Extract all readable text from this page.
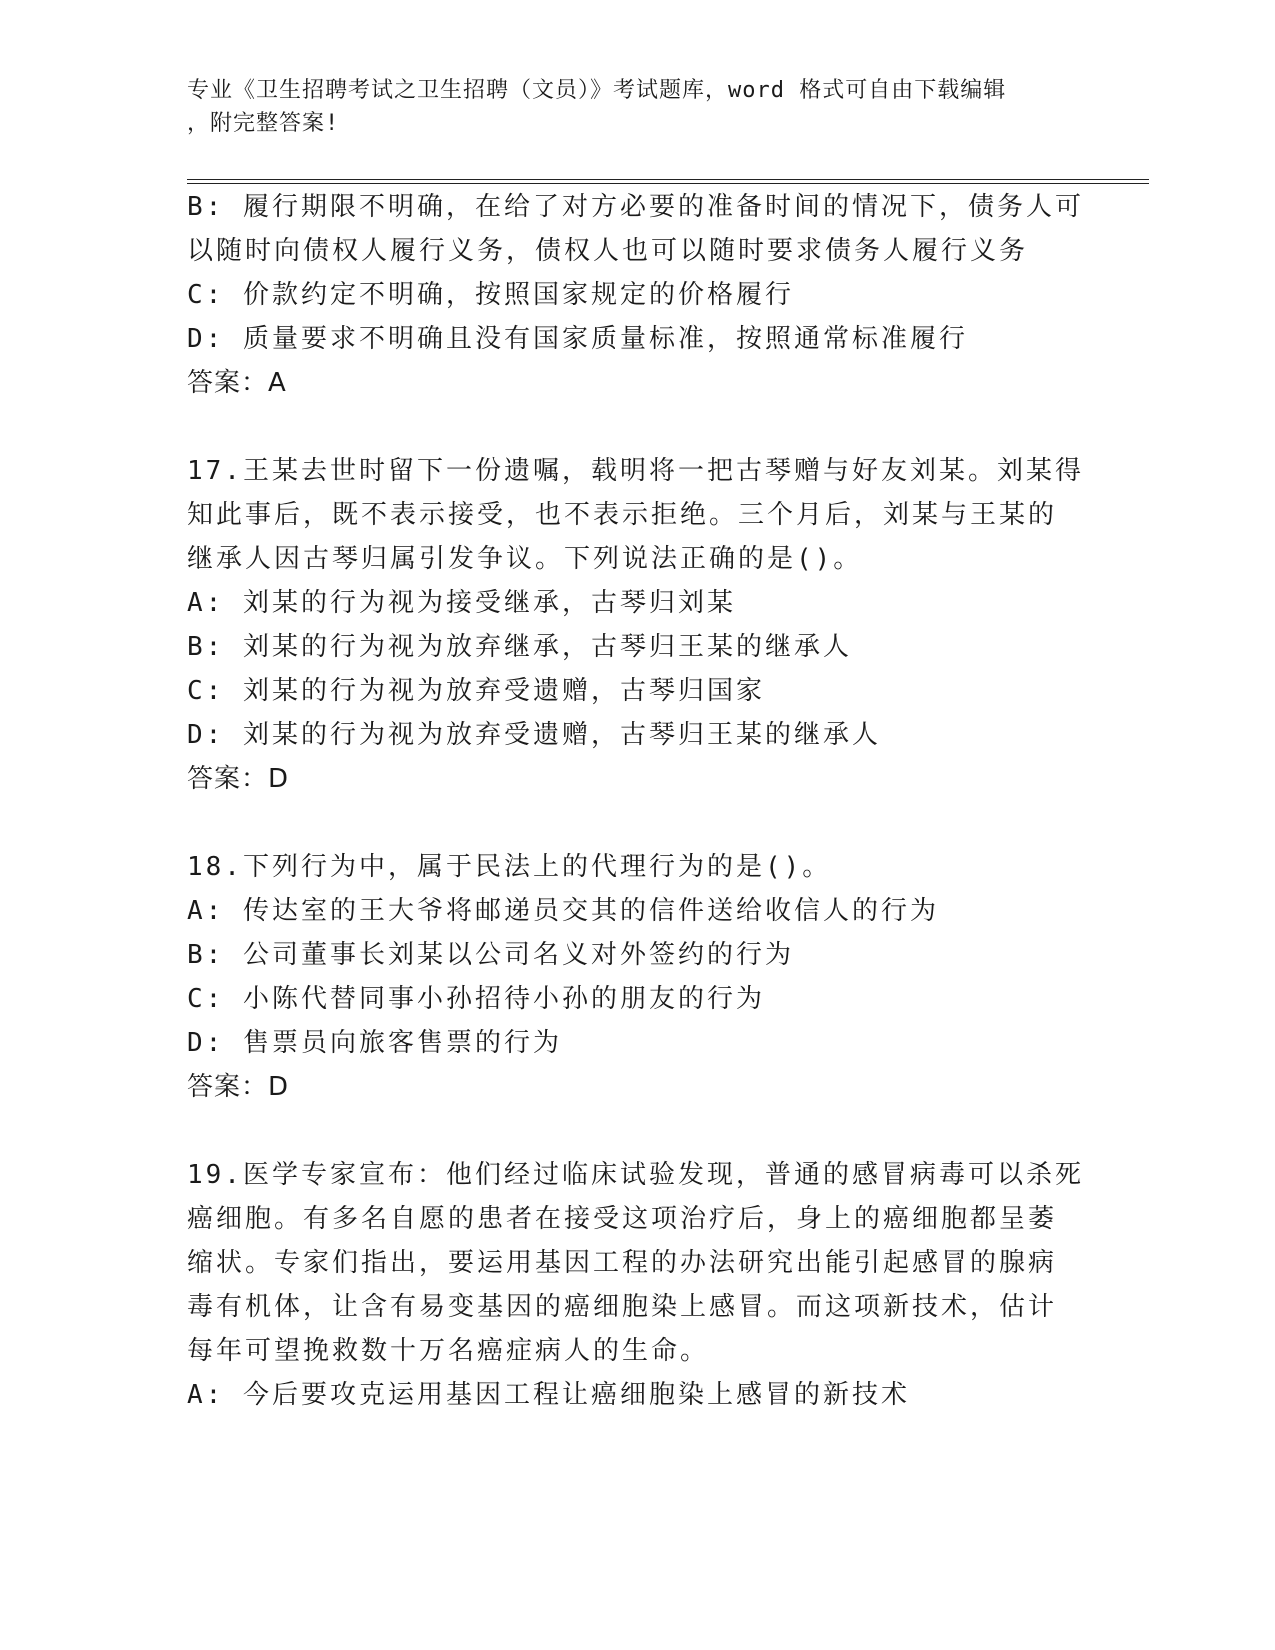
专业《卫生招聘考试之卫生招聘（文员）》考试题库，word 格式可自由下载编辑
，附完整答案!
B: 履行期限不明确，在给了对方必要的准备时间的情况下，债务人可
以随时向债权人履行义务，债权人也可以随时要求债务人履行义务
C: 价款约定不明确，按照国家规定的价格履行
D: 质量要求不明确且没有国家质量标准，按照通常标准履行
答案：A
17.王某去世时留下一份遗嘱，载明将一把古琴赠与好友刘某。刘某得
知此事后，既不表示接受，也不表示拒绝。三个月后，刘某与王某的
继承人因古琴归属引发争议。下列说法正确的是()。
A: 刘某的行为视为接受继承，古琴归刘某
B: 刘某的行为视为放弃继承，古琴归王某的继承人
C: 刘某的行为视为放弃受遗赠，古琴归国家
D: 刘某的行为视为放弃受遗赠，古琴归王某的继承人
答案：D
18.下列行为中，属于民法上的代理行为的是()。
A: 传达室的王大爷将邮递员交其的信件送给收信人的行为
B: 公司董事长刘某以公司名义对外签约的行为
C: 小陈代替同事小孙招待小孙的朋友的行为
D: 售票员向旅客售票的行为
答案：D
19.医学专家宣布：他们经过临床试验发现，普通的感冒病毒可以杀死
癌细胞。有多名自愿的患者在接受这项治疗后，身上的癌细胞都呈萎
缩状。专家们指出，要运用基因工程的办法研究出能引起感冒的腺病
毒有机体，让含有易变基因的癌细胞染上感冒。而这项新技术，估计
每年可望挽救数十万名癌症病人的生命。
A: 今后要攻克运用基因工程让癌细胞染上感冒的新技术
